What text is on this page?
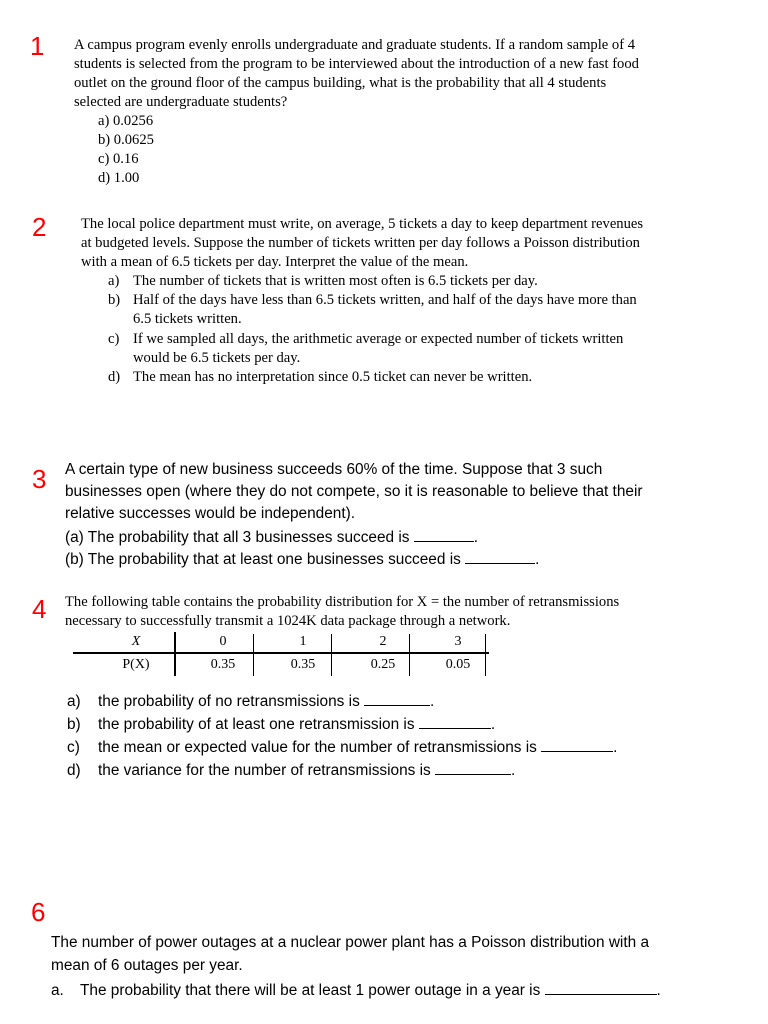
1 A campus program evenly enrolls undergraduate and graduate students. If a random sample of 4
students is selected from the program to be interviewed about the introduction of a new fast food
outlet on the ground floor of the campus building, what is the probability that all 4 students
selected are undergraduate students?
a) 0.0256
b) 0.0625
c) 0.16
d) 1.00
2 The local police department must write, on average, 5 tickets a day to keep department revenues
at budgeted levels. Suppose the number of tickets written per day follows a Poisson distribution
with a mean of 6.5 tickets per day. Interpret the value of the mean.
a) The number of tickets that is written most often is 6.5 tickets per day.
b) Half of the days have less than 6.5 tickets written, and half of the days have more than
6.5 tickets written.
c) If we sampled all days, the arithmetic average or expected number of tickets written
would be 6.5 tickets per day.
d) The mean has no interpretation since 0.5 ticket can never be written.
3 A certain type of new business succeeds 60% of the time. Suppose that 3 such
businesses open (where they do not compete, so it is reasonable to believe that their
relative successes would be independent).
(a) The probability that all 3 businesses succeed is	.
(b) The probability that at least one businesses succeed is	.
4 The following table contains the probability distribution for X = the number of retransmissions
necessary to successfully transmit a 1024K data package through a network.
X	0	1	2	3
P(X)	0.35	0.35	0.25	0.05
a) the probability of no retransmissions is	.
b) the probability of at least one retransmission is	.
c) the mean or expected value for the number of retransmissions is	.
d) the variance for the number of retransmissions is	.
6
The number of power outages at a nuclear power plant has a Poisson distribution with a
mean of 6 outages per year.
a. The probability that there will be at least 1 power outage in a year is	.
